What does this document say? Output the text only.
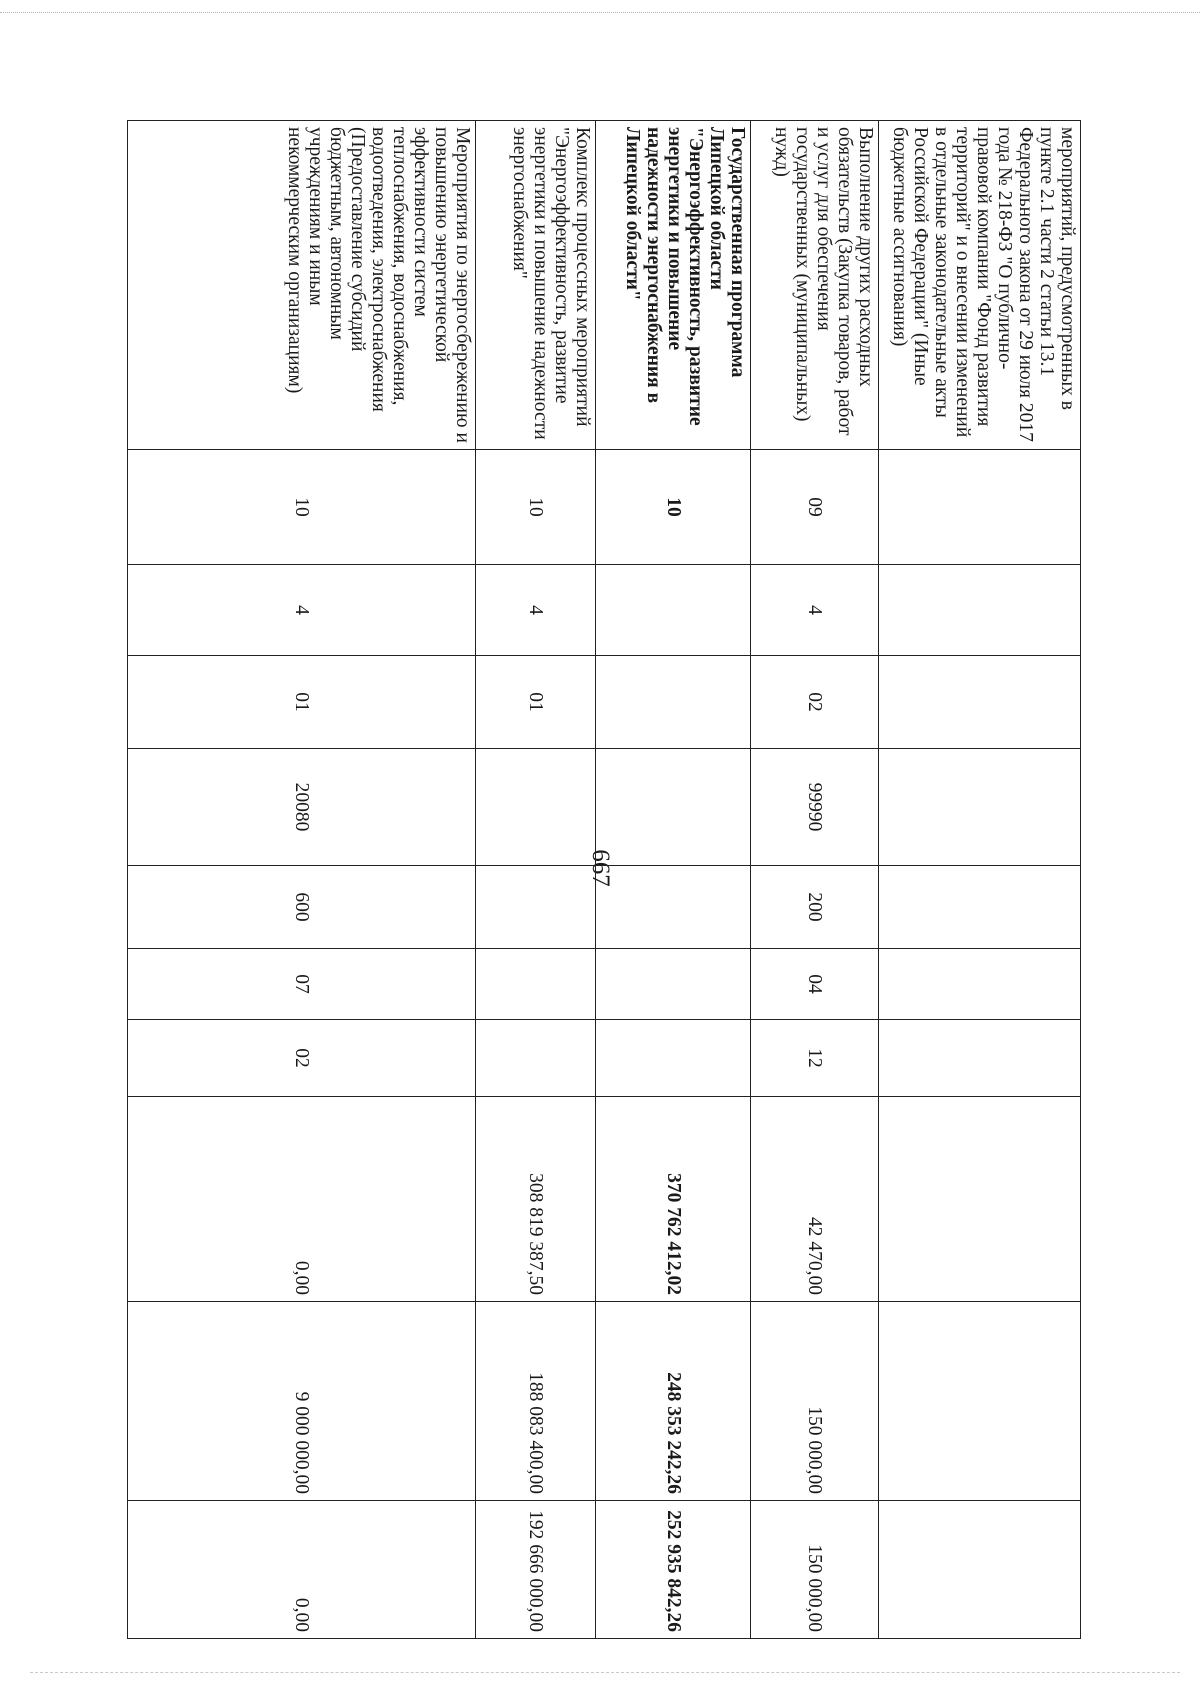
667
мероприятий, предусмотренных в пункте 2.1 части 2 статьи 13.1 Федерального закона от 29 июля 2017 года № 218-ФЗ "О публично-правовой компании "Фонд развития территорий" и о внесении изменений в отдельные законодательные акты Российской Федерации" (Иные бюджетные ассигнования)										
Выполнение других расходных обязательств (Закупка товаров, работ и услуг для обеспечения государственных (муниципальных) нужд)	09	4	02	99990	200	04	12	42 470,00	150 000,00	150 000,00
Государственная программа Липецкой области "Энергоэффективность, развитие энергетики и повышение надежности энергоснабжения в Липецкой области"	10							370 762 412,02	248 353 242,26	252 935 842,26
Комплекс процессных мероприятий "Энергоэффективность, развитие энергетики и повышение надежности энергоснабжения"	10	4	01					308 819 387,50	188 083 400,00	192 666 000,00
Мероприятия по энергосбережению и повышению энергетической эффективности систем теплоснабжения, водоснабжения, водоотведения, электроснабжения (Предоставление субсидий бюджетным, автономным учреждениям и иным некоммерческим организациям)	10	4	01	20080	600	07	02	0,00	9 000 000,00	0,00
